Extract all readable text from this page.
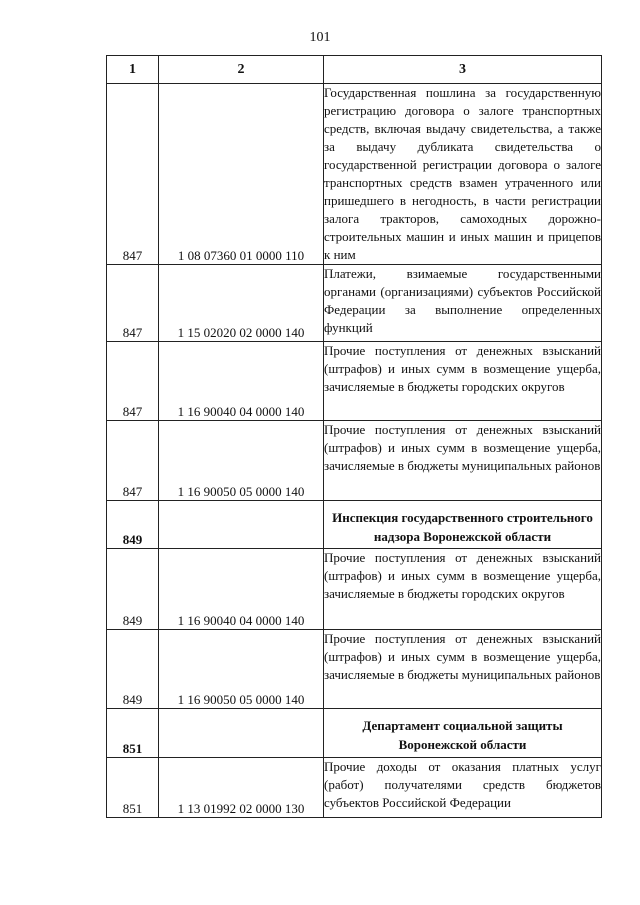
101
1	2	3
847	1 08 07360 01 0000 110	Государственная пошлина за государственную регистрацию договора о залоге транспортных средств, включая выдачу свидетельства, а также за выдачу дубликата свидетельства о государственной регистрации договора о залоге транспортных средств взамен утраченного или пришедшего в негодность, в части регистрации залога тракторов, самоходных дорожно-строительных машин и иных машин и прицепов к ним
847	1 15 02020 02 0000 140	Платежи, взимаемые государственными органами (организациями) субъектов Российской Федерации за выполнение определенных функций
847	1 16 90040 04 0000 140	Прочие поступления от денежных взысканий (штрафов) и иных сумм в возмещение ущерба, зачисляемые в бюджеты городских округов
847	1 16 90050 05 0000 140	Прочие поступления от денежных взысканий (штрафов) и иных сумм в возмещение ущерба, зачисляемые в бюджеты муниципальных районов
849		Инспекция государственного строительного надзора Воронежской области
849	1 16 90040 04 0000 140	Прочие поступления от денежных взысканий (штрафов) и иных сумм в возмещение ущерба, зачисляемые в бюджеты городских округов
849	1 16 90050 05 0000 140	Прочие поступления от денежных взысканий (штрафов) и иных сумм в возмещение ущерба, зачисляемые в бюджеты муниципальных районов
851		Департамент социальной защиты Воронежской области
851	1 13 01992 02 0000 130	Прочие доходы от оказания платных услуг (работ) получателями средств бюджетов субъектов Российской Федерации
